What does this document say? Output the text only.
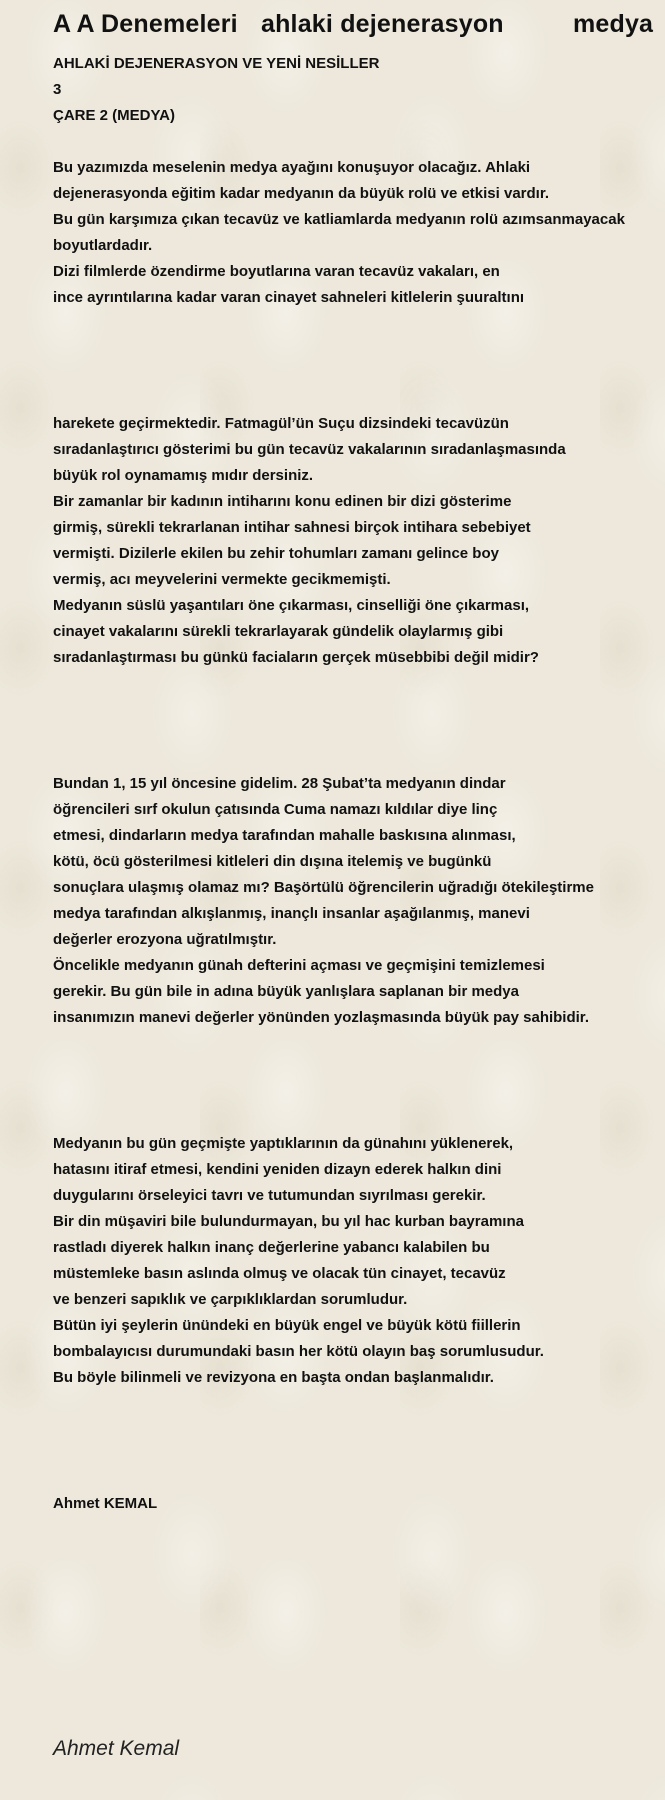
A A Denemeleri ahlaki dejenerasyon	medya
AHLAKİ DEJENERASYON VE YENİ NESİLLER
3
ÇARE 2 (MEDYA)
Bu yazımızda meselenin medya ayağını konuşuyor olacağız. Ahlaki
dejenerasyonda eğitim kadar medyanın da büyük rolü ve etkisi vardır.
Bu gün karşımıza çıkan tecavüz ve katliamlarda medyanın rolü azımsanmayacak
boyutlardadır.
Dizi filmlerde özendirme boyutlarına varan tecavüz vakaları, en
ince ayrıntılarına kadar varan cinayet sahneleri kitlelerin şuuraltını
harekete geçirmektedir. Fatmagül’ün Suçu dizsindeki tecavüzün
sıradanlaştırıcı gösterimi bu gün tecavüz vakalarının sıradanlaşmasında
büyük rol oynamamış mıdır dersiniz.
Bir zamanlar bir kadının intiharını konu edinen bir dizi gösterime
girmiş, sürekli tekrarlanan intihar sahnesi birçok intihara sebebiyet
vermişti. Dizilerle ekilen bu zehir tohumları zamanı gelince boy
vermiş, acı meyvelerini vermekte gecikmemişti.
Medyanın süslü yaşantıları öne çıkarması, cinselliği öne çıkarması,
cinayet vakalarını sürekli tekrarlayarak gündelik olaylarmış gibi
sıradanlaştırması bu günkü faciaların gerçek müsebbibi değil midir?
Bundan 1, 15 yıl öncesine gidelim. 28 Şubat’ta medyanın dindar
öğrencileri sırf okulun çatısında Cuma namazı kıldılar diye linç
etmesi, dindarların medya tarafından mahalle baskısına alınması,
kötü, öcü gösterilmesi kitleleri din dışına itelemiş ve bugünkü
sonuçlara ulaşmış olamaz mı? Başörtülü öğrencilerin uğradığı ötekileştirme
medya tarafından alkışlanmış, inançlı insanlar aşağılanmış, manevi
değerler erozyona uğratılmıştır.
Öncelikle medyanın günah defterini açması ve geçmişini temizlemesi
gerekir. Bu gün bile in adına büyük yanlışlara saplanan bir medya
insanımızın manevi değerler yönünden yozlaşmasında büyük pay sahibidir.
Medyanın bu gün geçmişte yaptıklarının da günahını yüklenerek,
hatasını itiraf etmesi, kendini yeniden dizayn ederek halkın dini
duygularını örseleyici tavrı ve tutumundan sıyrılması gerekir.
Bir din müşaviri bile bulundurmayan, bu yıl hac kurban bayramına
rastladı diyerek halkın inanç değerlerine yabancı kalabilen bu
müstemleke basın aslında olmuş ve olacak tün cinayet, tecavüz
ve benzeri sapıklık ve çarpıklıklardan sorumludur.
Bütün iyi şeylerin ünündeki en büyük engel ve büyük kötü fiillerin
bombalayıcısı durumundaki basın her kötü olayın baş sorumlusudur.
Bu böyle bilinmeli ve revizyona en başta ondan başlanmalıdır.
Ahmet KEMAL
Ahmet Kemal
